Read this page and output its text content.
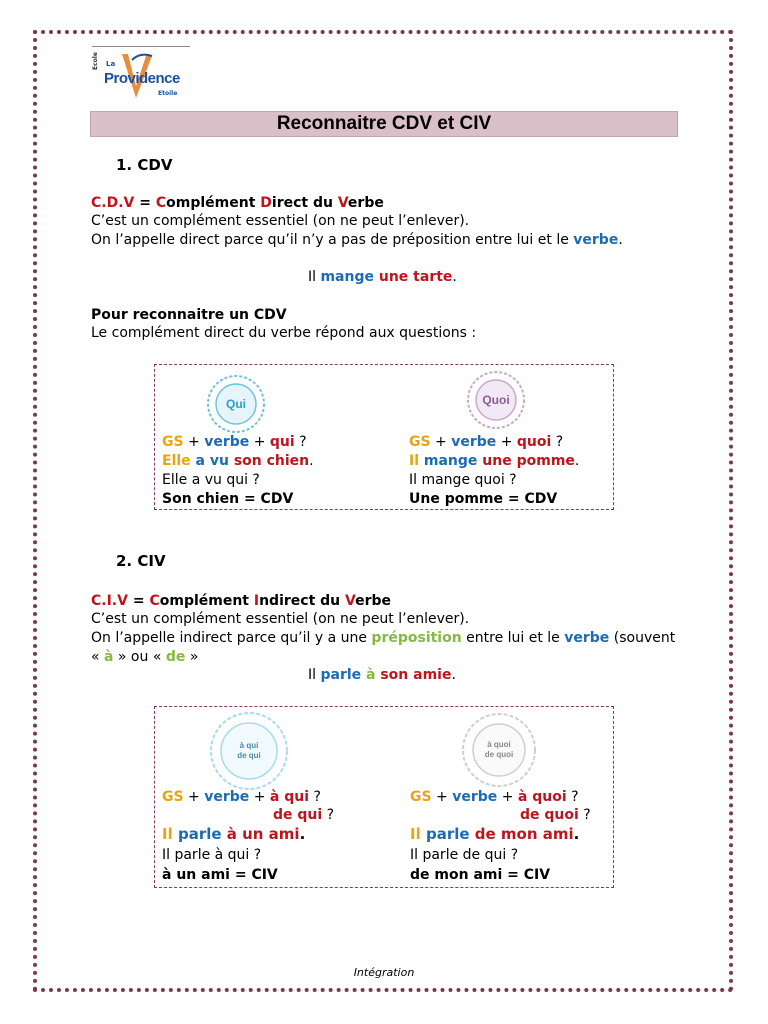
Ecole La
Providence
Etoile
Reconnaitre CDV et CIV
1. CDV
C.D.V = Complément Direct du Verbe
C’est un complément essentiel (on ne peut l’enlever).
On l’appelle direct parce qu’il n’y a pas de préposition entre lui et le verbe.
Il mange une tarte.
Pour reconnaitre un CDV
Le complément direct du verbe répond aux questions :
Qui	Quoi
GS + verbe + qui ?
Elle a vu son chien.
Elle a vu qui ?
Son chien = CDV
GS + verbe + quoi ?
Il mange une pomme.
Il mange quoi ?
Une pomme = CDV
2. CIV
C.I.V = Complément Indirect du Verbe
C’est un complément essentiel (on ne peut l’enlever).
On l’appelle indirect parce qu’il y a une préposition entre lui et le verbe (souvent
« à » ou « de »
Il parle à son amie.
à qui
de qui
à quoi
de quoi
GS + verbe + à qui ?
de qui ?
Il parle à un ami.
Il parle à qui ?
à un ami = CIV
GS + verbe + à quoi ?
de quoi ?
Il parle de mon ami.
Il parle de qui ?
de mon ami = CIV
Intégration
